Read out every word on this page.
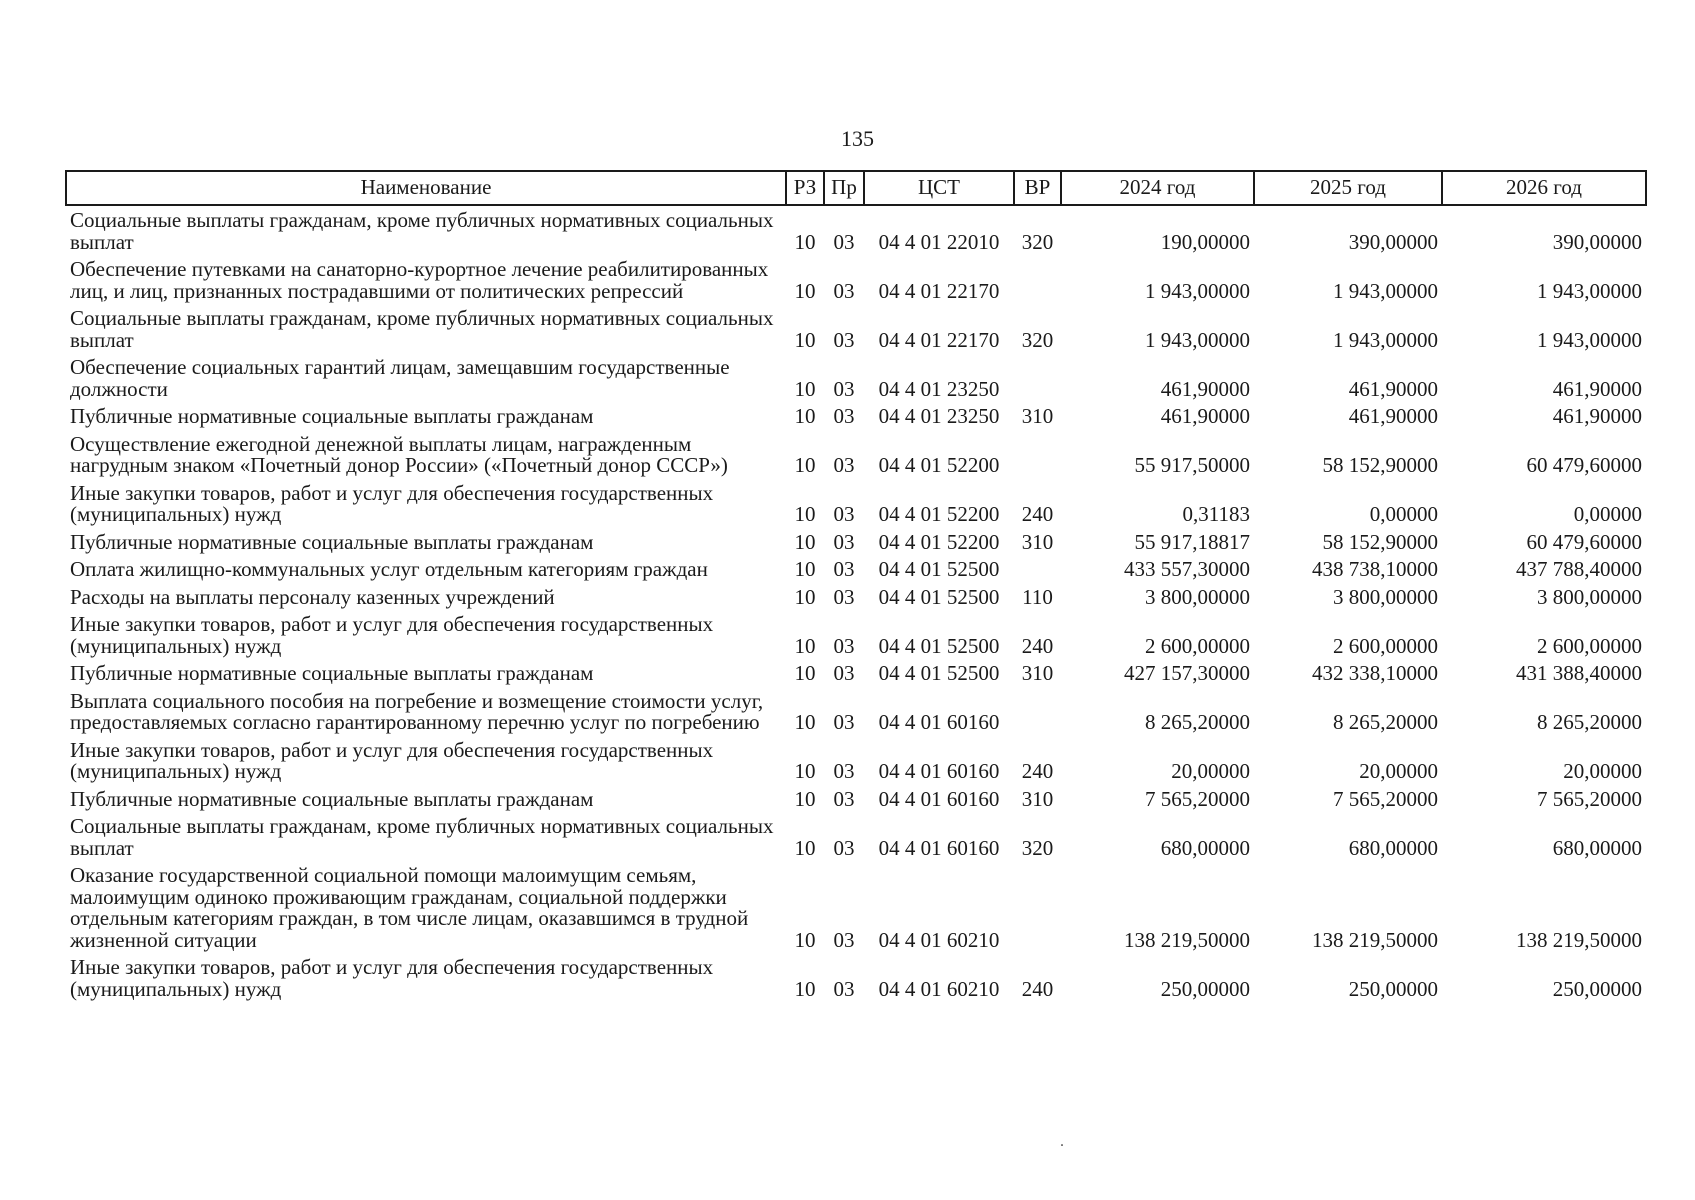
135
Наименование	РЗ	Пр	ЦСТ	ВР	2024 год	2025 год	2026 год
Социальные выплаты гражданам, кроме публичных нормативных социальных выплат	10	03	04 4 01 22010	320	190,00000	390,00000	390,00000
Обеспечение путевками на санаторно-курортное лечение реабилитированных лиц, и лиц, признанных пострадавшими от политических репрессий	10	03	04 4 01 22170		1 943,00000	1 943,00000	1 943,00000
Социальные выплаты гражданам, кроме публичных нормативных социальных выплат	10	03	04 4 01 22170	320	1 943,00000	1 943,00000	1 943,00000
Обеспечение социальных гарантий лицам, замещавшим государственные должности	10	03	04 4 01 23250		461,90000	461,90000	461,90000
Публичные нормативные социальные выплаты гражданам	10	03	04 4 01 23250	310	461,90000	461,90000	461,90000
Осуществление ежегодной денежной выплаты лицам, награжденным нагрудным знаком «Почетный донор России» («Почетный донор СССР»)	10	03	04 4 01 52200		55 917,50000	58 152,90000	60 479,60000
Иные закупки товаров, работ и услуг для обеспечения государственных (муниципальных) нужд	10	03	04 4 01 52200	240	0,31183	0,00000	0,00000
Публичные нормативные социальные выплаты гражданам	10	03	04 4 01 52200	310	55 917,18817	58 152,90000	60 479,60000
Оплата жилищно-коммунальных услуг отдельным категориям граждан	10	03	04 4 01 52500		433 557,30000	438 738,10000	437 788,40000
Расходы на выплаты персоналу казенных учреждений	10	03	04 4 01 52500	110	3 800,00000	3 800,00000	3 800,00000
Иные закупки товаров, работ и услуг для обеспечения государственных (муниципальных) нужд	10	03	04 4 01 52500	240	2 600,00000	2 600,00000	2 600,00000
Публичные нормативные социальные выплаты гражданам	10	03	04 4 01 52500	310	427 157,30000	432 338,10000	431 388,40000
Выплата социального пособия на погребение и возмещение стоимости услуг, предоставляемых согласно гарантированному перечню услуг по погребению	10	03	04 4 01 60160		8 265,20000	8 265,20000	8 265,20000
Иные закупки товаров, работ и услуг для обеспечения государственных (муниципальных) нужд	10	03	04 4 01 60160	240	20,00000	20,00000	20,00000
Публичные нормативные социальные выплаты гражданам	10	03	04 4 01 60160	310	7 565,20000	7 565,20000	7 565,20000
Социальные выплаты гражданам, кроме публичных нормативных социальных выплат	10	03	04 4 01 60160	320	680,00000	680,00000	680,00000
Оказание государственной социальной помощи малоимущим семьям, малоимущим одиноко проживающим гражданам, социальной поддержки отдельным категориям граждан, в том числе лицам, оказавшимся в трудной жизненной ситуации	10	03	04 4 01 60210		138 219,50000	138 219,50000	138 219,50000
Иные закупки товаров, работ и услуг для обеспечения государственных (муниципальных) нужд	10	03	04 4 01 60210	240	250,00000	250,00000	250,00000
.
